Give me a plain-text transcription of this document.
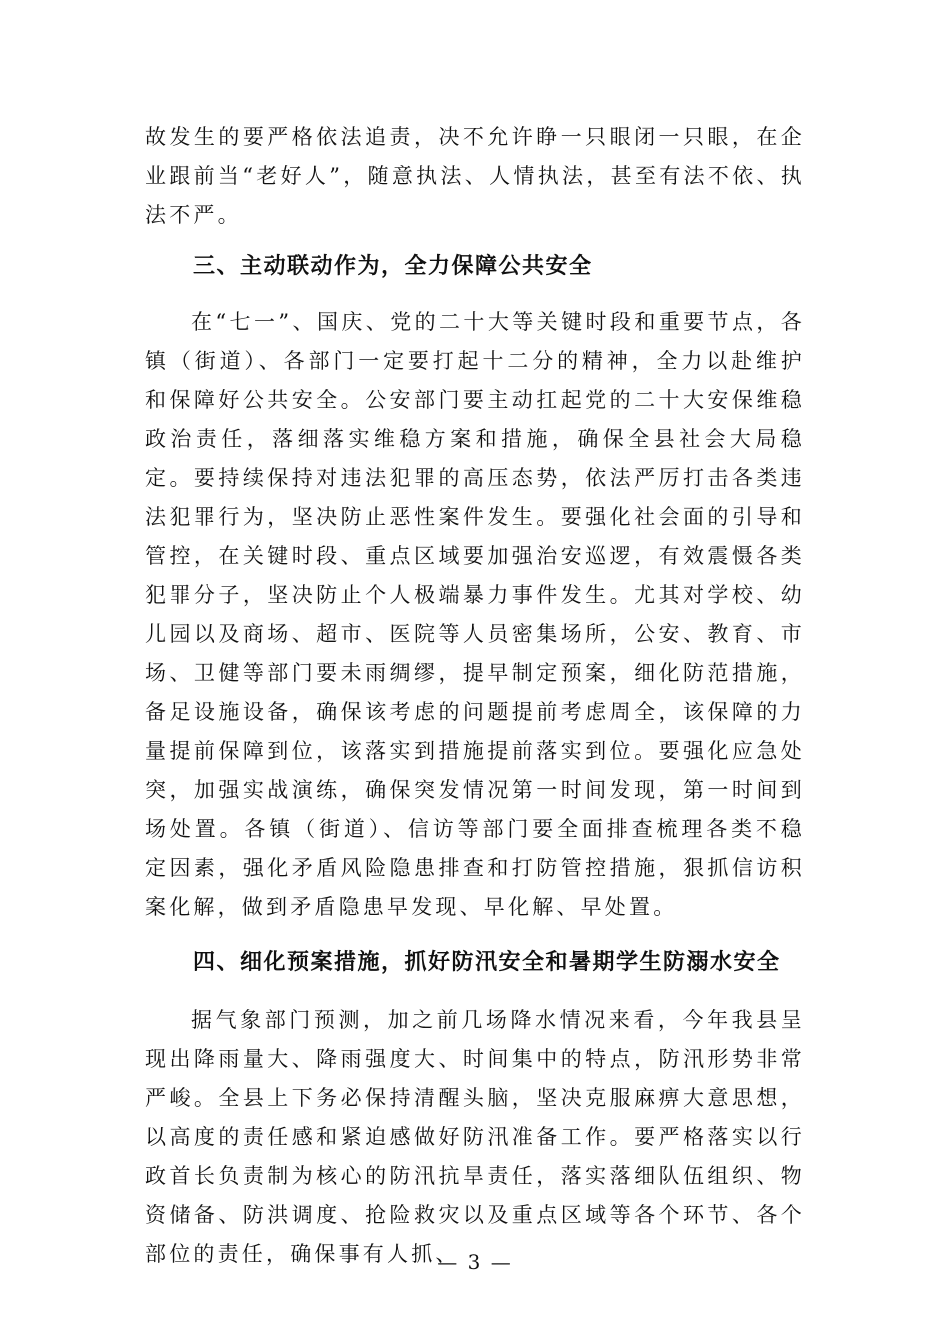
故发生的要严格依法追责，决不允许睁一只眼闭一只眼，在企业跟前当“老好人”，随意执法、人情执法，甚至有法不依、执法不严。

三、主动联动作为，全力保障公共安全

在“七一”、国庆、党的二十大等关键时段和重要节点，各镇（街道）、各部门一定要打起十二分的精神，全力以赴维护和保障好公共安全。公安部门要主动扛起党的二十大安保维稳政治责任，落细落实维稳方案和措施，确保全县社会大局稳定。要持续保持对违法犯罪的高压态势，依法严厉打击各类违法犯罪行为，坚决防止恶性案件发生。要强化社会面的引导和管控，在关键时段、重点区域要加强治安巡逻，有效震慑各类犯罪分子，坚决防止个人极端暴力事件发生。尤其对学校、幼儿园以及商场、超市、医院等人员密集场所，公安、教育、市场、卫健等部门要未雨绸缪，提早制定预案，细化防范措施，备足设施设备，确保该考虑的问题提前考虑周全，该保障的力量提前保障到位，该落实到措施提前落实到位。要强化应急处突，加强实战演练，确保突发情况第一时间发现，第一时间到场处置。各镇（街道）、信访等部门要全面排查梳理各类不稳定因素，强化矛盾风险隐患排查和打防管控措施，狠抓信访积案化解，做到矛盾隐患早发现、早化解、早处置。

四、细化预案措施，抓好防汛安全和暑期学生防溺水安全

据气象部门预测，加之前几场降水情况来看，今年我县呈现出降雨量大、降雨强度大、时间集中的特点，防汛形势非常严峻。全县上下务必保持清醒头脑，坚决克服麻痹大意思想，以高度的责任感和紧迫感做好防汛准备工作。要严格落实以行政首长负责制为核心的防汛抗旱责任，落实落细队伍组织、物资储备、防洪调度、抢险救灾以及重点区域等各个环节、各个部位的责任，确保事有人抓、

— 3 —
